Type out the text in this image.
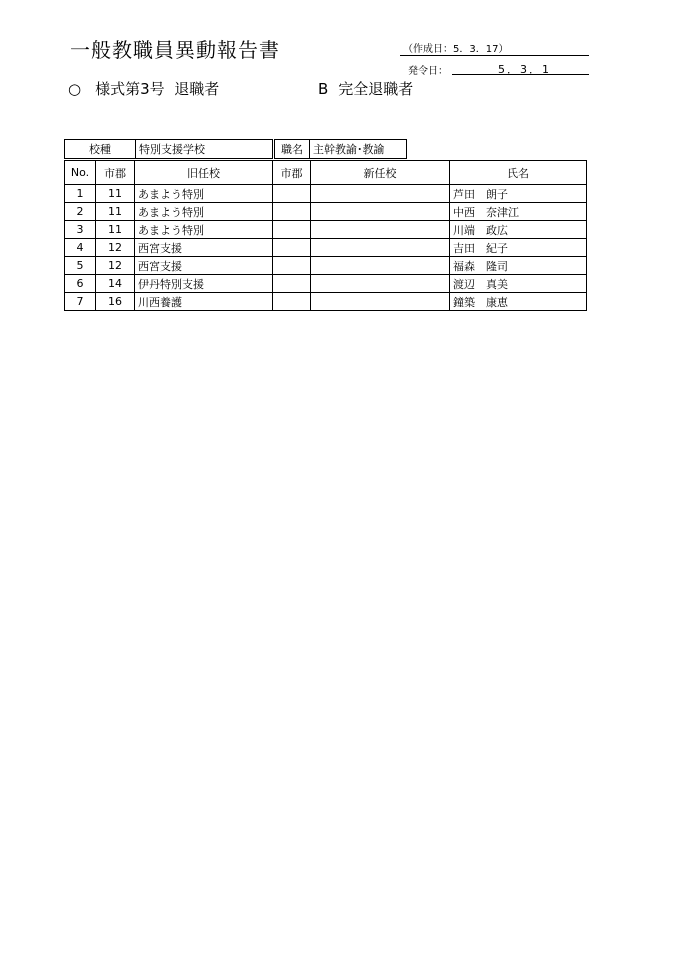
一般教職員異動報告書	（作成日：5．3．17）
発令日：	5．3．1
○ 様式第3号 退職者	B 完全退職者
校種	特別支援学校		職名	主幹教諭･教諭
No.	市郡	旧任校	市郡	新任校	氏名
1	11	あまよう特別			芦田　朗子
2	11	あまよう特別			中西　奈津江
3	11	あまよう特別			川端　政広
4	12	西宮支援			吉田　紀子
5	12	西宮支援			福森　隆司
6	14	伊丹特別支援			渡辺　真美
7	16	川西養護			鐘築　康恵
